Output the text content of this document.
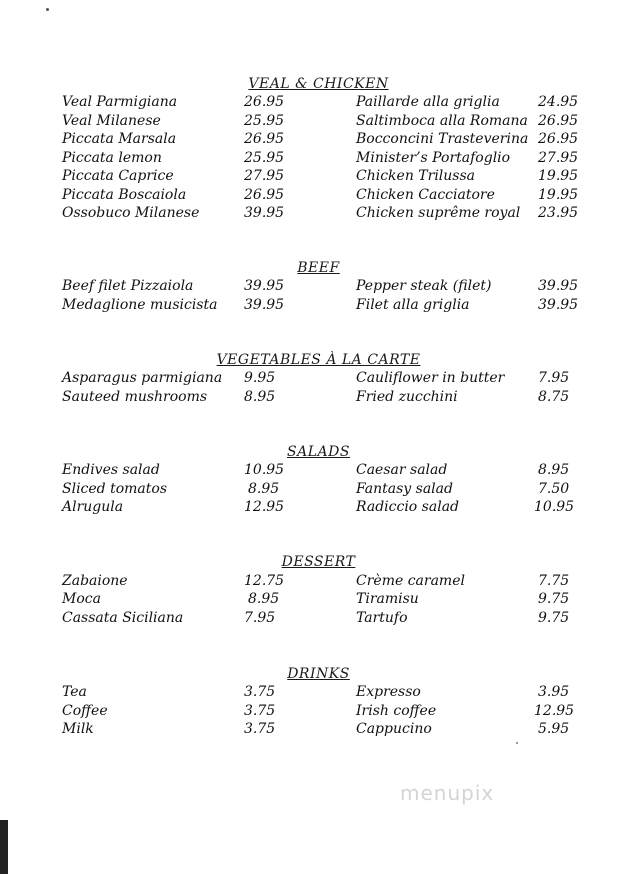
VEAL & CHICKEN
Veal Parmigiana	26.95	Paillarde alla griglia	24.95
Veal Milanese	25.95	Saltimboca alla Romana 26.95
Piccata Marsala	26.95	Bocconcini Trasteverina 26.95
Piccata lemon	25.95	Minister’s Portafoglio 27.95
Piccata Caprice	27.95	Chicken Trilussa	19.95
Piccata Boscaiola	26.95	Chicken Cacciatore	19.95
Ossobuco Milanese	39.95	Chicken suprême royal 23.95
BEEF
Beef filet Pizzaiola	39.95	Pepper steak (filet)	39.95
Medaglione musicista 39.95	Filet alla griglia	39.95
VEGETABLES À LA CARTE
Asparagus parmigiana 9.95	Cauliflower in butter 7.95
Sauteed mushrooms	8.95	Fried zucchini	8.75
SALADS
Endives salad	10.95	Caesar salad	8.95
Sliced tomatos	8.95	Fantasy salad	7.50
Alrugula	12.95	Radiccio salad	10.95
DESSERT
Zabaione	12.75	Crème caramel	7.75
Moca	8.95	Tiramisu	9.75
Cassata Siciliana	7.95	Tartufo	9.75
DRINKS
Tea	3.75	Expresso	3.95
Coffee	3.75	Irish coffee	12.95
Milk	3.75	Cappucino	5.95
menupix
